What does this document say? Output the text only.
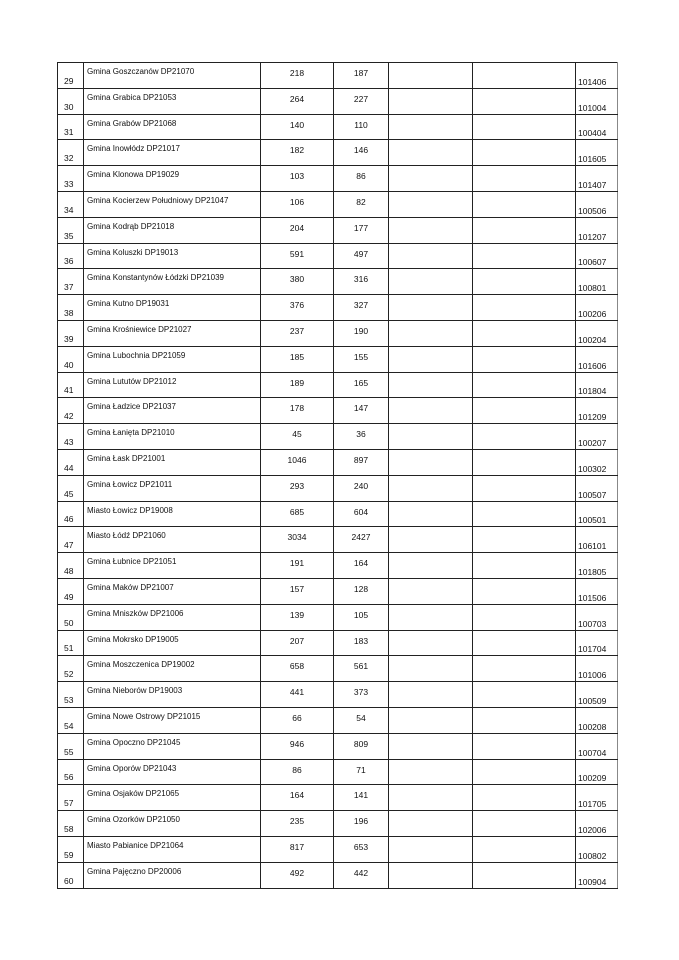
29	Gmina Goszczanów DP21070	218	187			101406

30	Gmina Grabica DP21053	264	227			101004

31	Gmina Grabów DP21068	140	110			100404

32	Gmina Inowłódz DP21017	182	146			101605

33	Gmina Klonowa DP19029	103	86			101407

34	Gmina Kocierzew Południowy DP21047	106	82			100506

35	Gmina Kodrąb DP21018	204	177			101207

36	Gmina Koluszki DP19013	591	497			100607

37	Gmina Konstantynów Łódzki DP21039	380	316			100801

38	Gmina Kutno DP19031	376	327			100206

39	Gmina Krośniewice DP21027	237	190			100204

40	Gmina Lubochnia DP21059	185	155			101606

41	Gmina Lututów DP21012	189	165			101804

42	Gmina Ładzice DP21037	178	147			101209

43	Gmina Łanięta DP21010	45	36			100207

44	Gmina Łask DP21001	1046	897			100302

45	Gmina Łowicz DP21011	293	240			100507

46	Miasto Łowicz DP19008	685	604			100501

47	Miasto Łódź DP21060	3034	2427			106101

48	Gmina Łubnice DP21051	191	164			101805

49	Gmina Maków DP21007	157	128			101506

50	Gmina Mniszków DP21006	139	105			100703

51	Gmina Mokrsko DP19005	207	183			101704

52	Gmina Moszczenica DP19002	658	561			101006

53	Gmina Nieborów DP19003	441	373			100509

54	Gmina Nowe Ostrowy DP21015	66	54			100208

55	Gmina Opoczno DP21045	946	809			100704

56	Gmina Oporów DP21043	86	71			100209

57	Gmina Osjaków DP21065	164	141			101705

58	Gmina Ozorków DP21050	235	196			102006

59	Miasto Pabianice DP21064	817	653			100802

60	Gmina Pajęczno DP20006	492	442			100904
